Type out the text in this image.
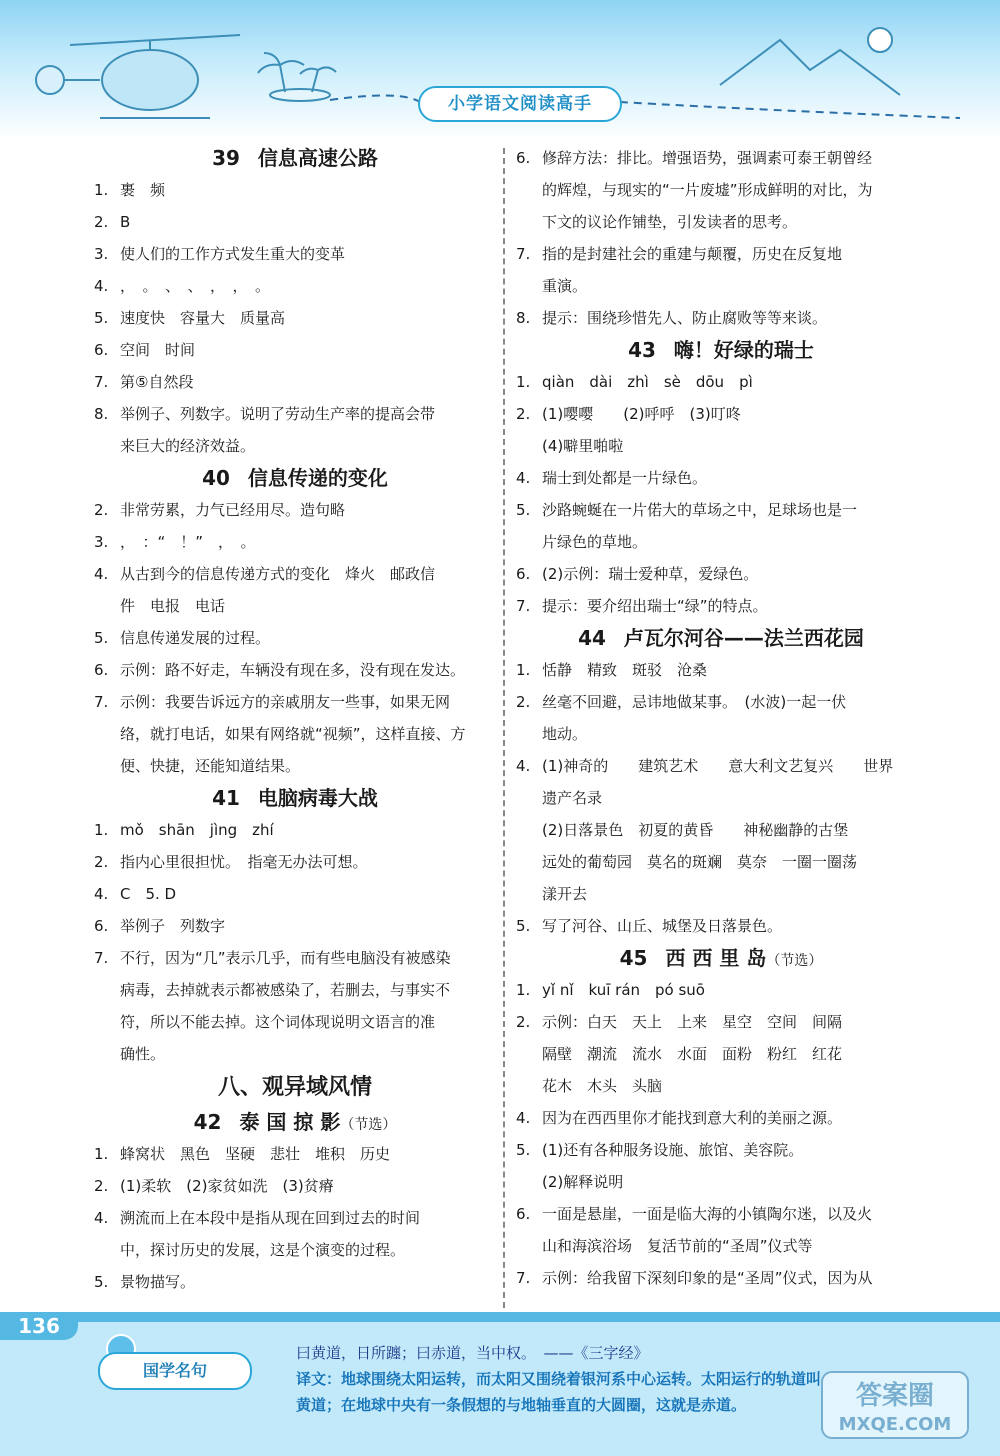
小学语文阅读高手
39 信息高速公路
1. 裹　频
2. B
3. 使人们的工作方式发生重大的变革
4. ，　。　、　、　，　，　。
5. 速度快　容量大　质量高
6. 空间　时间
7. 第⑤自然段
8. 举例子、列数字。说明了劳动生产率的提高会带
来巨大的经济效益。
40 信息传递的变化
2. 非常劳累，力气已经用尽。造句略
3. ，　：“　！”　，　。
4. 从古到今的信息传递方式的变化　烽火　邮政信
件　电报　电话
5. 信息传递发展的过程。
6. 示例：路不好走，车辆没有现在多，没有现在发达。
7. 示例：我要告诉远方的亲戚朋友一些事，如果无网
络，就打电话，如果有网络就“视频”，这样直接、方
便、快捷，还能知道结果。
41 电脑病毒大战
1. mǒ　shān　jìng　zhí
2. 指内心里很担忧。　指毫无办法可想。
4. C　5. D
6. 举例子　列数字
7. 不行，因为“几”表示几乎，而有些电脑没有被感染
病毒，去掉就表示都被感染了，若删去，与事实不
符，所以不能去掉。这个词体现说明文语言的准
确性。
八、观异域风情
42 泰 国 掠 影（节选）
1. 蜂窝状　黑色　坚硬　悲壮　堆积　历史
2. (1)柔软　(2)家贫如洗　(3)贫瘠
4. 溯流而上在本段中是指从现在回到过去的时间
中，探讨历史的发展，这是个演变的过程。
5. 景物描写。
6. 修辞方法：排比。增强语势，强调素可泰王朝曾经
的辉煌，与现实的“一片废墟”形成鲜明的对比，为
下文的议论作铺垫，引发读者的思考。
7. 指的是封建社会的重建与颠覆，历史在反复地
重演。
8. 提示：围绕珍惜先人、防止腐败等等来谈。
43 嗨！好绿的瑞士
1. qiàn　dài　zhì　sè　dōu　pì
2. (1)嘤嘤　　(2)呼呼　(3)叮咚
(4)噼里啪啦
4. 瑞士到处都是一片绿色。
5. 沙路蜿蜒在一片偌大的草场之中，足球场也是一
片绿色的草地。
6. (2)示例：瑞士爱种草，爱绿色。
7. 提示：要介绍出瑞士“绿”的特点。
44 卢瓦尔河谷——法兰西花园
1. 恬静　精致　斑驳　沧桑
2. 丝毫不回避，忌讳地做某事。　(水波)一起一伏
地动。
4. (1)神奇的　　建筑艺术　　意大利文艺复兴　　世界
遗产名录
(2)日落景色　初夏的黄昏　　神秘幽静的古堡
远处的葡萄园　莫名的斑斓　莫奈　一圈一圈荡
漾开去
5. 写了河谷、山丘、城堡及日落景色。
45 西 西 里 岛（节选）
1. yǐ nǐ　kuī rán　pó suō
2. 示例：白天　天上　上来　星空　空间　间隔
隔壁　潮流　流水　水面　面粉　粉红　红花
花木　木头　头脑
4. 因为在西西里你才能找到意大利的美丽之源。
5. (1)还有各种服务设施、旅馆、美容院。
(2)解释说明
6. 一面是悬崖，一面是临大海的小镇陶尔迷，以及火
山和海滨浴场　复活节前的“圣周”仪式等
7. 示例：给我留下深刻印象的是“圣周”仪式，因为从
136
国学名句
曰黄道，日所躔；曰赤道，当中权。　——《三字经》
译文：地球围绕太阳运转，而太阳又围绕着银河系中心运转。太阳运行的轨道叫
黄道；在地球中央有一条假想的与地轴垂直的大圆圈，这就是赤道。	答案圈
MXQE.COM
